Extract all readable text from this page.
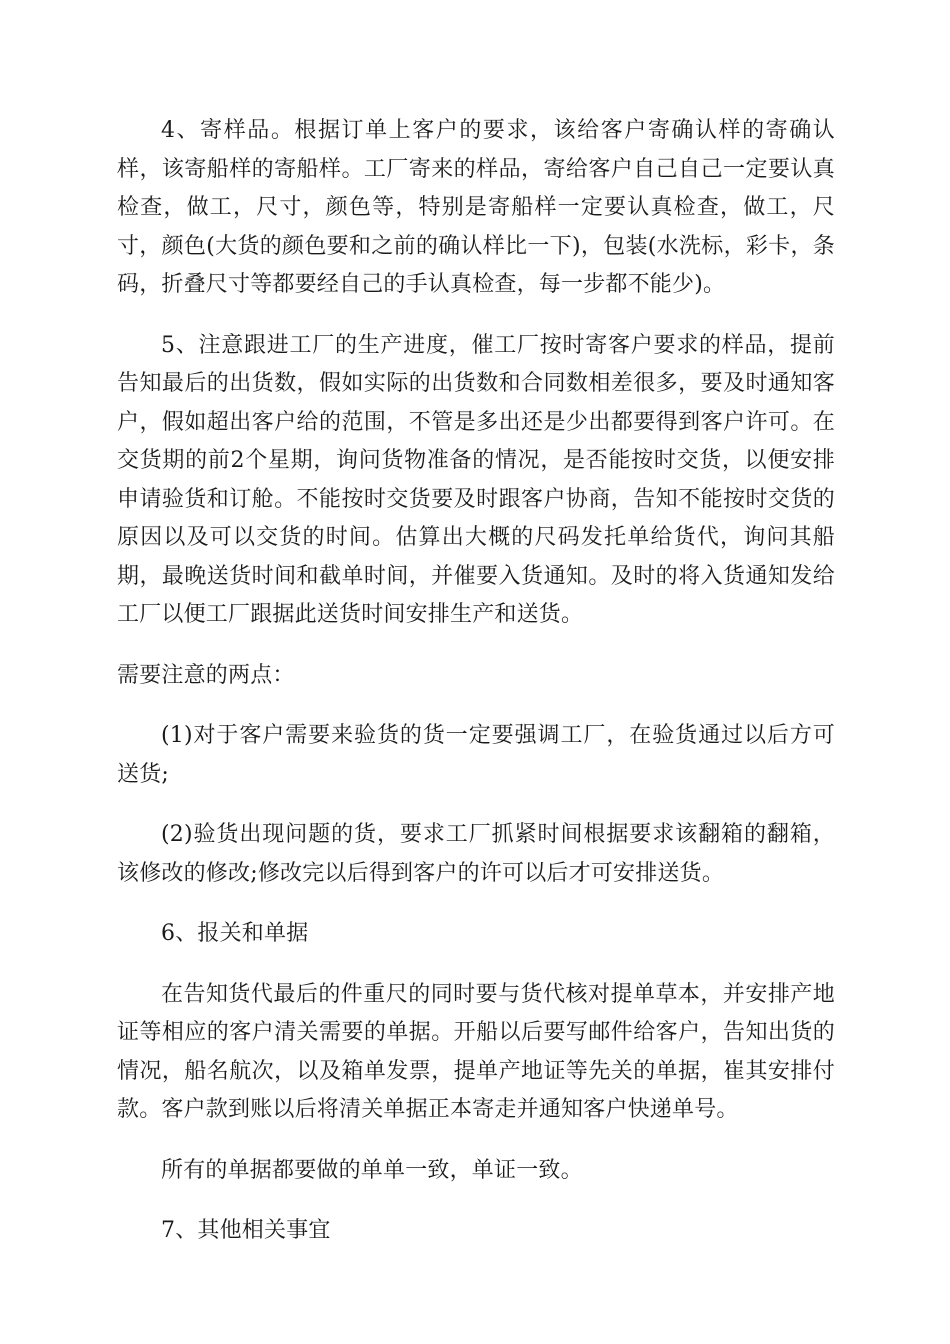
4、寄样品。根据订单上客户的要求，该给客户寄确认样的寄确认样，该寄船样的寄船样。工厂寄来的样品，寄给客户自己自己一定要认真检查，做工，尺寸，颜色等，特别是寄船样一定要认真检查，做工，尺寸，颜色(大货的颜色要和之前的确认样比一下)，包装(水洗标，彩卡，条码，折叠尺寸等都要经自己的手认真检查，每一步都不能少)。

5、注意跟进工厂的生产进度，催工厂按时寄客户要求的样品，提前告知最后的出货数，假如实际的出货数和合同数相差很多，要及时通知客户，假如超出客户给的范围，不管是多出还是少出都要得到客户许可。在交货期的前2个星期，询问货物准备的情况，是否能按时交货，以便安排申请验货和订舱。不能按时交货要及时跟客户协商，告知不能按时交货的原因以及可以交货的时间。估算出大概的尺码发托单给货代，询问其船期，最晚送货时间和截单时间，并催要入货通知。及时的将入货通知发给工厂以便工厂跟据此送货时间安排生产和送货。

需要注意的两点：

(1)对于客户需要来验货的货一定要强调工厂，在验货通过以后方可送货;

(2)验货出现问题的货，要求工厂抓紧时间根据要求该翻箱的翻箱，该修改的修改;修改完以后得到客户的许可以后才可安排送货。

6、报关和单据

在告知货代最后的件重尺的同时要与货代核对提单草本，并安排产地证等相应的客户清关需要的单据。开船以后要写邮件给客户，告知出货的情况，船名航次，以及箱单发票，提单产地证等先关的单据，崔其安排付款。客户款到账以后将清关单据正本寄走并通知客户快递单号。

所有的单据都要做的单单一致，单证一致。

7、其他相关事宜
